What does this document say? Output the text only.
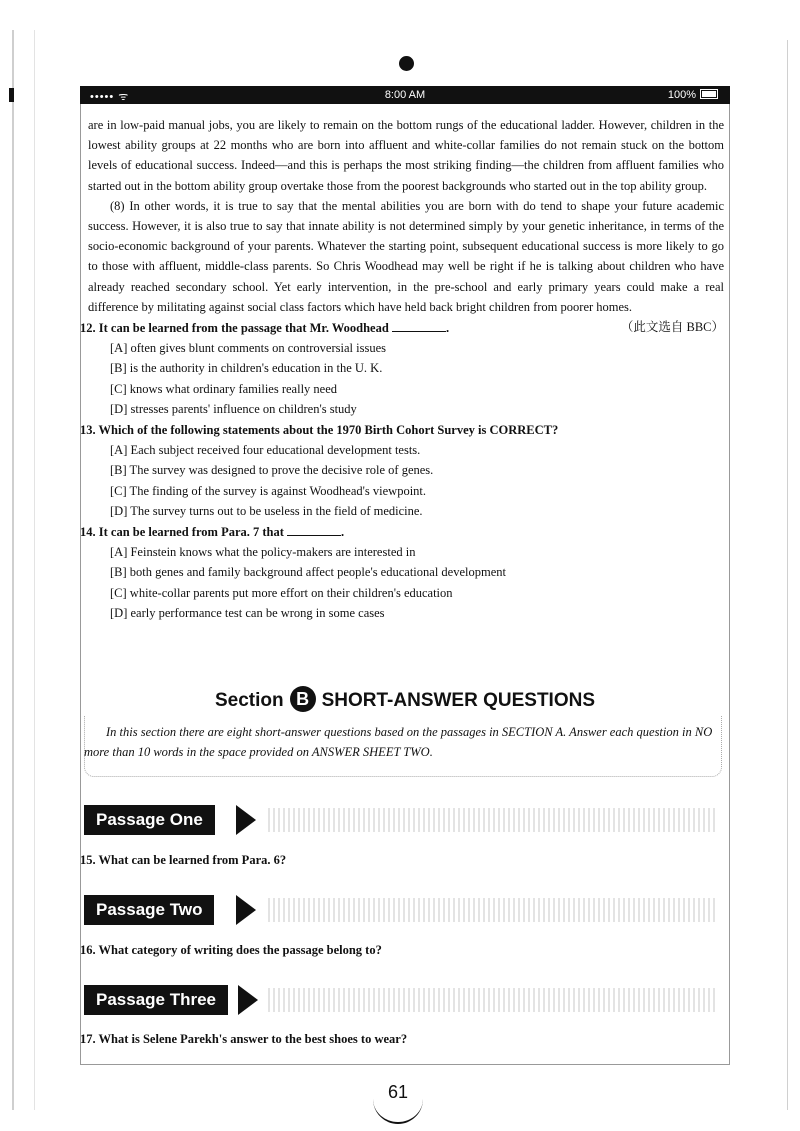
••••• ᯤ	8:00 AM	100%

are in low-paid manual jobs, you are likely to remain on the bottom rungs of the educational ladder. However, children in the lowest ability groups at 22 months who are born into affluent and white-collar families do not remain stuck on the bottom levels of educational success. Indeed—and this is perhaps the most striking finding—the children from affluent families who started out in the bottom ability group overtake those from the poorest backgrounds who started out in the top ability group.

(8) In other words, it is true to say that the mental abilities you are born with do tend to shape your future academic success. However, it is also true to say that innate ability is not determined simply by your genetic inheritance, in terms of the socio-economic background of your parents. Whatever the starting point, subsequent educational success is more likely to go to those with affluent, middle-class parents. So Chris Woodhead may well be right if he is talking about children who have already reached secondary school. Yet early intervention, in the pre-school and early primary years could make a real difference by militating against social class factors which have held back bright children from poorer homes.
（此文选自 BBC）

12. It can be learned from the passage that Mr. Woodhead	.
[A] often gives blunt comments on controversial issues
[B] is the authority in children's education in the U. K.
[C] knows what ordinary families really need
[D] stresses parents' influence on children's study
13. Which of the following statements about the 1970 Birth Cohort Survey is CORRECT?
[A] Each subject received four educational development tests.
[B] The survey was designed to prove the decisive role of genes.
[C] The finding of the survey is against Woodhead's viewpoint.
[D] The survey turns out to be useless in the field of medicine.
14. It can be learned from Para. 7 that	.
[A] Feinstein knows what the policy-makers are interested in
[B] both genes and family background affect people's educational development
[C] white-collar parents put more effort on their children's education
[D] early performance test can be wrong in some cases
Section B SHORT-ANSWER QUESTIONS
In this section there are eight short-answer questions based on the passages in SECTION A. Answer each question in NO more than 10 words in the space provided on ANSWER SHEET TWO.
Passage One
15. What can be learned from Para. 6?
Passage Two
16. What category of writing does the passage belong to?
Passage Three
17. What is Selene Parekh's answer to the best shoes to wear?
61
